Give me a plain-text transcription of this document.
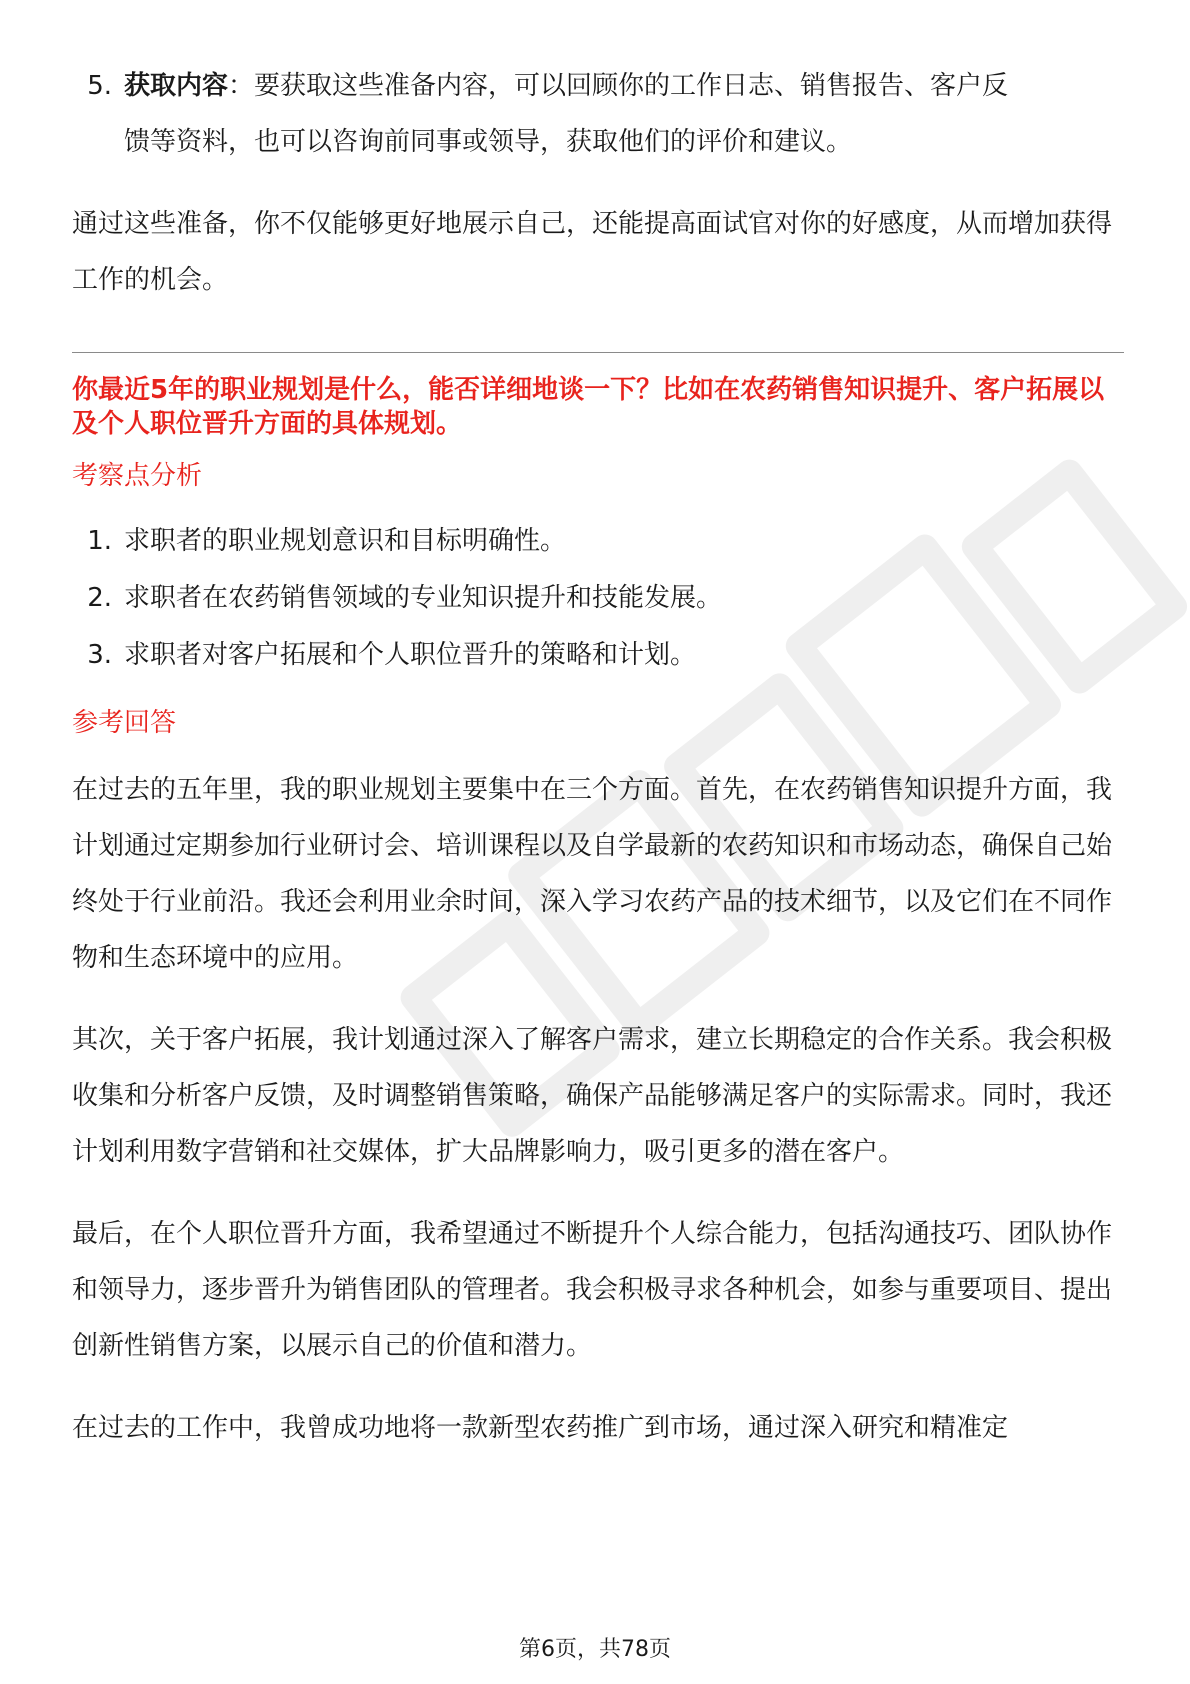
5. 获取内容：要获取这些准备内容，可以回顾你的工作日志、销售报告、客户反
馈等资料，也可以咨询前同事或领导，获取他们的评价和建议。

通过这些准备，你不仅能够更好地展示自己，还能提高面试官对你的好感度，从而增加获得工作的机会。

你最近5年的职业规划是什么，能否详细地谈一下？比如在农药销售知识提升、客户拓展以及个人职位晋升方面的具体规划。

考察点分析

1. 求职者的职业规划意识和目标明确性。
2. 求职者在农药销售领域的专业知识提升和技能发展。
3. 求职者对客户拓展和个人职位晋升的策略和计划。

参考回答

在过去的五年里，我的职业规划主要集中在三个方面。首先，在农药销售知识提升方面，我计划通过定期参加行业研讨会、培训课程以及自学最新的农药知识和市场动态，确保自己始终处于行业前沿。我还会利用业余时间，深入学习农药产品的技术细节，以及它们在不同作物和生态环境中的应用。

其次，关于客户拓展，我计划通过深入了解客户需求，建立长期稳定的合作关系。我会积极收集和分析客户反馈，及时调整销售策略，确保产品能够满足客户的实际需求。同时，我还计划利用数字营销和社交媒体，扩大品牌影响力，吸引更多的潜在客户。

最后，在个人职位晋升方面，我希望通过不断提升个人综合能力，包括沟通技巧、团队协作和领导力，逐步晋升为销售团队的管理者。我会积极寻求各种机会，如参与重要项目、提出创新性销售方案，以展示自己的价值和潜力。

在过去的工作中，我曾成功地将一款新型农药推广到市场，通过深入研究和精准定

第6页，共78页
